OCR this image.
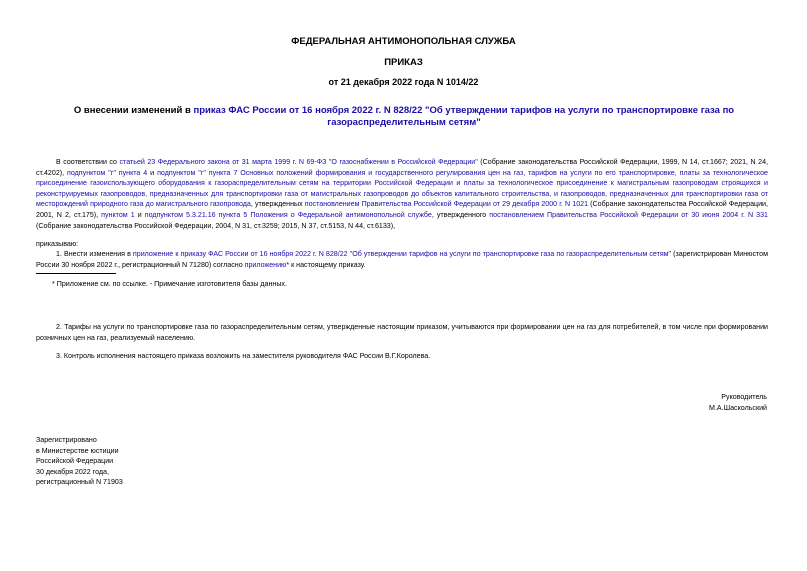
ФЕДЕРАЛЬНАЯ АНТИМОНОПОЛЬНАЯ СЛУЖБА
ПРИКАЗ
от 21 декабря 2022 года N 1014/22
О внесении изменений в приказ ФАС России от 16 ноября 2022 г. N 828/22 "Об утверждении тарифов на услуги по транспортировке газа по газораспределительным сетям"
В соответствии со статьей 23 Федерального закона от 31 марта 1999 г. N 69-ФЗ "О газоснабжении в Российской Федерации" (Собрание законодательства Российской Федерации, 1999, N 14, ст.1667; 2021, N 24, ст.4202), подпунктом "г" пункта 4 и подпунктом "г" пункта 7 Основных положений формирования и государственного регулирования цен на газ, тарифов на услуги по его транспортировке, платы за технологическое присоединение газоиспользующего оборудования к газораспределительным сетям на территории Российской Федерации и платы за технологическое присоединение к магистральным газопроводам строящихся и реконструируемых газопроводов, предназначенных для транспортировки газа от магистральных газопроводов до объектов капитального строительства, и газопроводов, предназначенных для транспортировки газа от месторождений природного газа до магистрального газопровода, утвержденных постановлением Правительства Российской Федерации от 29 декабря 2000 г. N 1021 (Собрание законодательства Российской Федерации, 2001, N 2, ст.175), пунктом 1 и подпунктом 5.3.21.16 пункта 5 Положения о Федеральной антимонопольной службе, утвержденного постановлением Правительства Российской Федерации от 30 июня 2004 г. N 331 (Собрание законодательства Российской Федерации, 2004, N 31, ст.3259; 2015, N 37, ст.5153, N 44, ст.6133),
приказываю:
1. Внести изменения в приложение к приказу ФАС России от 16 ноября 2022 г. N 828/22 "Об утверждении тарифов на услуги по транспортировке газа по газораспределительным сетям" (зарегистрирован Минюстом России 30 ноября 2022 г., регистрационный N 71280) согласно приложению* к настоящему приказу.
* Приложение см. по ссылке. - Примечание изготовителя базы данных.
2. Тарифы на услуги по транспортировке газа по газораспределительным сетям, утвержденные настоящим приказом, учитываются при формировании цен на газ для потребителей, в том числе при формировании розничных цен на газ, реализуемый населению.
3. Контроль исполнения настоящего приказа возложить на заместителя руководителя ФАС России В.Г.Королева.
Руководитель
М.А.Шаскольский
Зарегистрировано
в Министерстве юстиции
Российской Федерации
30 декабря 2022 года,
регистрационный N 71903
